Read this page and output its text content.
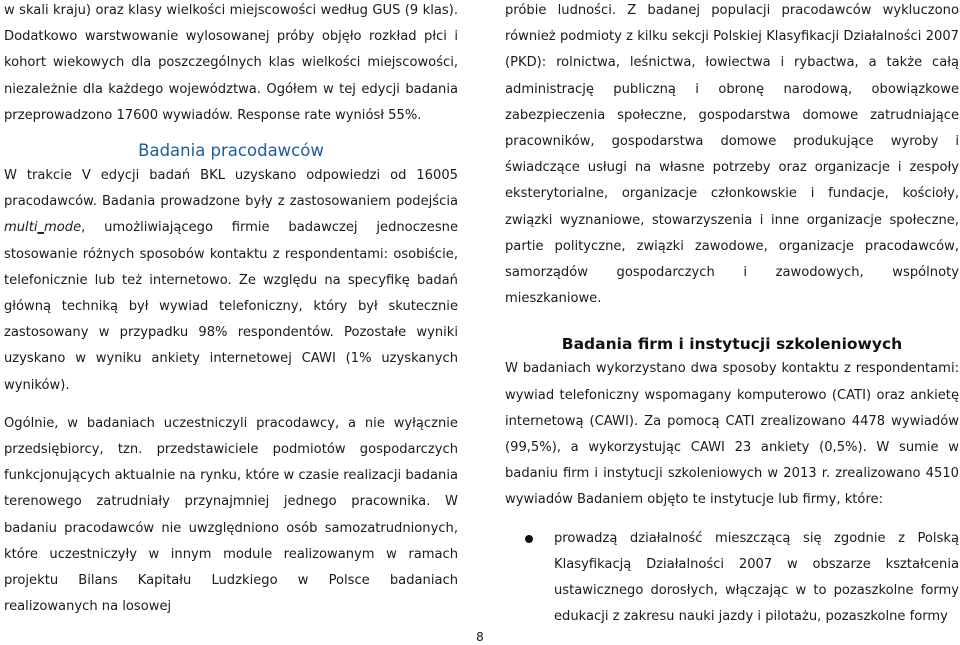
w skali kraju) oraz klasy wielkości miejscowości według GUS (9 klas). Dodatkowo warstwowanie wylosowanej próby objęło rozkład płci i kohort wiekowych dla poszczególnych klas wielkości miejscowości, niezależnie dla każdego województwa. Ogółem w tej edycji badania przeprowadzono 17600 wywiadów. Response rate wyniósł 55%.

Badania pracodawców

W trakcie V edycji badań BKL uzyskano odpowiedzi od 16005 pracodawców. Badania prowadzone były z zastosowaniem podejścia multi_mode, umożliwiającego firmie badawczej jednoczesne stosowanie różnych sposobów kontaktu z respondentami: osobiście, telefonicznie lub też internetowo. Ze względu na specyfikę badań główną techniką był wywiad telefoniczny, który był skutecznie zastosowany w przypadku 98% respondentów. Pozostałe wyniki uzyskano w wyniku ankiety internetowej CAWI (1% uzyskanych wyników).

Ogólnie, w badaniach uczestniczyli pracodawcy, a nie wyłącznie przedsiębiorcy, tzn. przedstawiciele podmiotów gospodarczych funkcjonujących aktualnie na rynku, które w czasie realizacji badania terenowego zatrudniały przynajmniej jednego pracownika. W badaniu pracodawców nie uwzględniono osób samozatrudnionych, które uczestniczyły w innym module realizowanym w ramach projektu Bilans Kapitału Ludzkiego w Polsce badaniach realizowanych na losowej

próbie ludności. Z badanej populacji pracodawców wykluczono również podmioty z kilku sekcji Polskiej Klasyfikacji Działalności 2007 (PKD): rolnictwa, leśnictwa, łowiectwa i rybactwa, a także całą administrację publiczną i obronę narodową, obowiązkowe zabezpieczenia społeczne, gospodarstwa domowe zatrudniające pracowników, gospodarstwa domowe produkujące wyroby i świadczące usługi na własne potrzeby oraz organizacje i zespoły eksterytorialne, organizacje członkowskie i fundacje, kościoły, związki wyznaniowe, stowarzyszenia i inne organizacje społeczne, partie polityczne, związki zawodowe, organizacje pracodawców, samorządów gospodarczych i zawodowych, wspólnoty mieszkaniowe.

Badania firm i instytucji szkoleniowych

W badaniach wykorzystano dwa sposoby kontaktu z respondentami: wywiad telefoniczny wspomagany komputerowo (CATI) oraz ankietę internetową (CAWI). Za pomocą CATI zrealizowano 4478 wywiadów (99,5%), a wykorzystując CAWI 23 ankiety (0,5%). W sumie w badaniu firm i instytucji szkoleniowych w 2013 r. zrealizowano 4510 wywiadów Badaniem objęto te instytucje lub firmy, które:

prowadzą działalność mieszczącą się zgodnie z Polską Klasyfikacją Działalności 2007 w obszarze kształcenia ustawicznego dorosłych, włączając w to pozaszkolne formy edukacji z zakresu nauki jazdy i pilotażu, pozaszkolne formy
8
